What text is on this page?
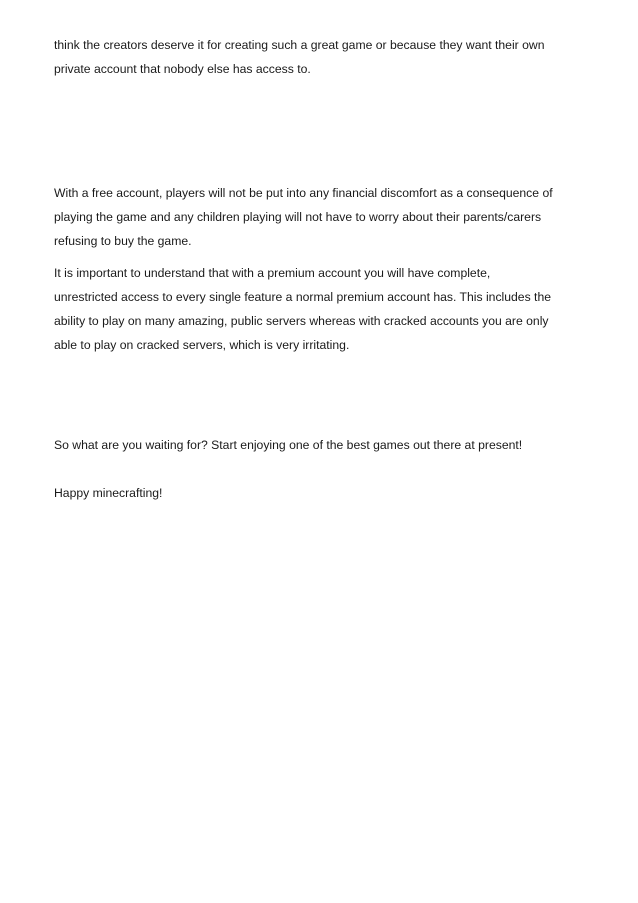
think the creators deserve it for creating such a great game or because they want their own
private account that nobody else has access to.

With a free account, players will not be put into any financial discomfort as a consequence of
playing the game and any children playing will not have to worry about their parents/carers
refusing to buy the game.

It is important to understand that with a premium account you will have complete,
unrestricted access to every single feature a normal premium account has. This includes the
ability to play on many amazing, public servers whereas with cracked accounts you are only
able to play on cracked servers, which is very irritating.

So what are you waiting for? Start enjoying one of the best games out there at present!

Happy minecrafting!
